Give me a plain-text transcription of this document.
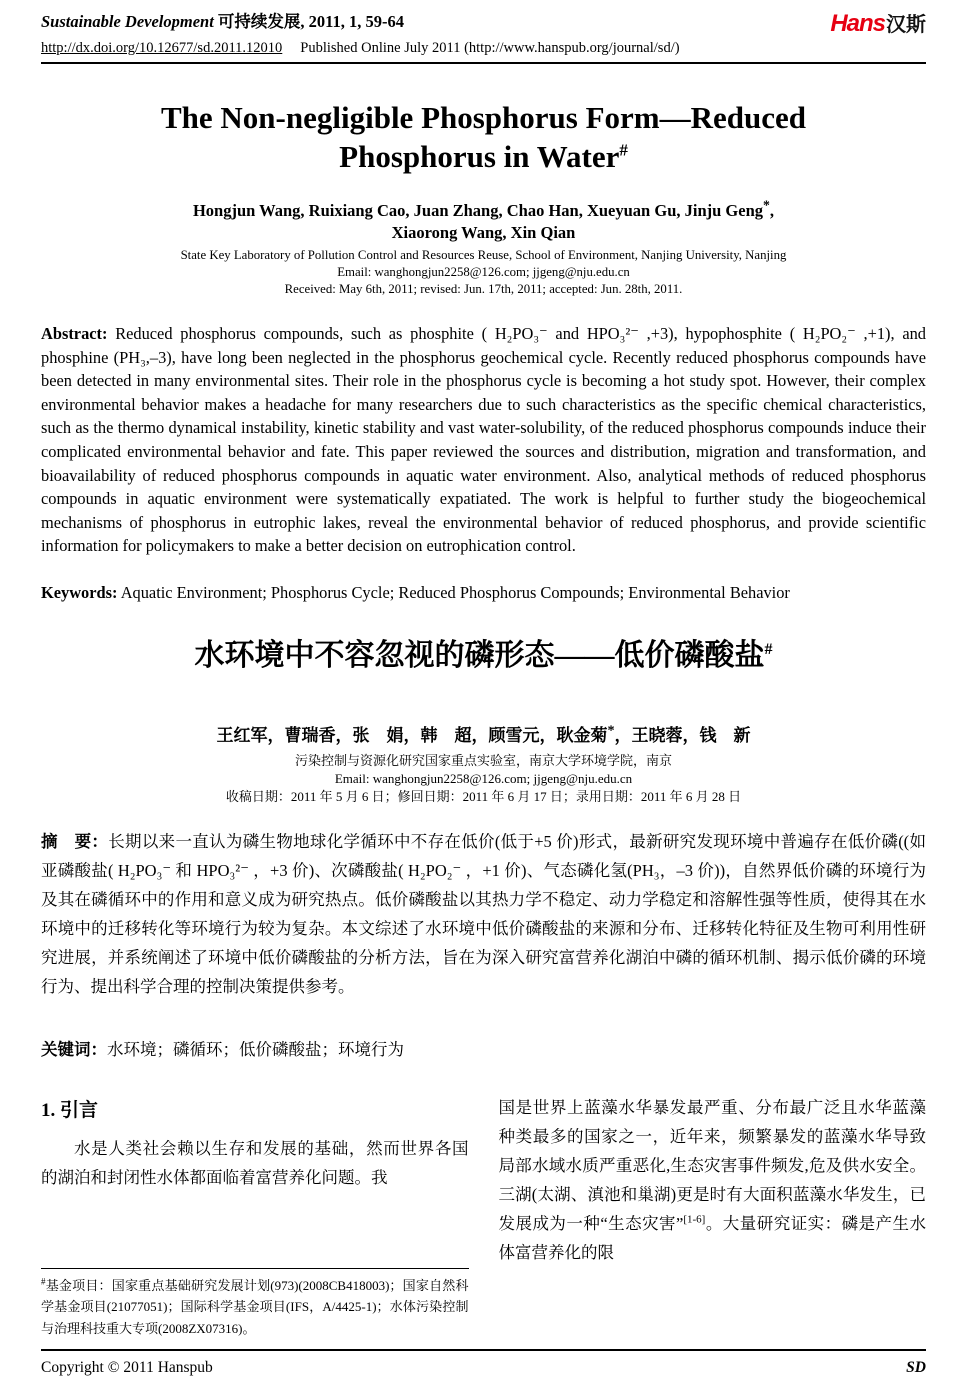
Sustainable Development 可持续发展, 2011, 1, 59-64	Hans汉斯
http://dx.doi.org/10.12677/sd.2011.12010 Published Online July 2011 (http://www.hanspub.org/journal/sd/)
The Non-negligible Phosphorus Form—Reduced
Phosphorus in Water#
Hongjun Wang, Ruixiang Cao, Juan Zhang, Chao Han, Xueyuan Gu, Jinju Geng*,
Xiaorong Wang, Xin Qian
State Key Laboratory of Pollution Control and Resources Reuse, School of Environment, Nanjing University, Nanjing
Email: wanghongjun2258@126.com; jjgeng@nju.edu.cn
Received: May 6th, 2011; revised: Jun. 17th, 2011; accepted: Jun. 28th, 2011.

Abstract: Reduced phosphorus compounds, such as phosphite ( H₂PO₃⁻ and HPO₃²⁻ ,+3), hypophosphite ( H₂PO₂⁻ ,+1), and phosphine (PH₃,–3), have long been neglected in the phosphorus geochemical cycle. Recently reduced phosphorus compounds have been detected in many environmental sites. Their role in the phosphorus cycle is becoming a hot study spot. However, their complex environmental behavior makes a headache for many researchers due to such characteristics as the specific chemical characteristics, such as the thermo dynamical instability, kinetic stability and vast water-solubility, of the reduced phosphorus compounds induce their complicated environmental behavior and fate. This paper reviewed the sources and distribution, migration and transformation, and bioavailability of reduced phosphorus compounds in aquatic water environment. Also, analytical methods of reduced phosphorus compounds in aquatic environment were systematically expatiated. The work is helpful to further study the biogeochemical mechanisms of phosphorus in eutrophic lakes, reveal the environmental behavior of reduced phosphorus, and provide scientific information for policymakers to make a better decision on eutrophication control.

Keywords: Aquatic Environment; Phosphorus Cycle; Reduced Phosphorus Compounds; Environmental Behavior

水环境中不容忽视的磷形态——低价磷酸盐#
王红军，曹瑞香，张　娟，韩　超，顾雪元，耿金菊*，王晓蓉，钱　新
污染控制与资源化研究国家重点实验室，南京大学环境学院，南京
Email: wanghongjun2258@126.com; jjgeng@nju.edu.cn
收稿日期：2011 年 5 月 6 日；修回日期：2011 年 6 月 17 日；录用日期：2011 年 6 月 28 日

摘　要：长期以来一直认为磷生物地球化学循环中不存在低价(低于+5 价)形式，最新研究发现环境中普遍存在低价磷((如亚磷酸盐( H₂PO₃⁻ 和 HPO₃²⁻ ，+3 价)、次磷酸盐( H₂PO₂⁻ ，+1 价)、气态磷化氢(PH₃，–3 价))，自然界低价磷的环境行为及其在磷循环中的作用和意义成为研究热点。低价磷酸盐以其热力学不稳定、动力学稳定和溶解性强等性质，使得其在水环境中的迁移转化等环境行为较为复杂。本文综述了水环境中低价磷酸盐的来源和分布、迁移转化特征及生物可利用性研究进展，并系统阐述了环境中低价磷酸盐的分析方法，旨在为深入研究富营养化湖泊中磷的循环机制、揭示低价磷的环境行为、提出科学合理的控制决策提供参考。

关键词：水环境；磷循环；低价磷酸盐；环境行为

1. 引言

水是人类社会赖以生存和发展的基础，然而世界各国的湖泊和封闭性水体都面临着富营养化问题。我

#基金项目：国家重点基础研究发展计划(973)(2008CB418003)；国家自然科学基金项目(21077051)；国际科学基金项目(IFS，A/4425-1)；水体污染控制与治理科技重大专项(2008ZX07316)。

国是世界上蓝藻水华暴发最严重、分布最广泛且水华蓝藻种类最多的国家之一，近年来，频繁暴发的蓝藻水华导致局部水域水质严重恶化,生态灾害事件频发,危及供水安全。三湖(太湖、滇池和巢湖)更是时有大面积蓝藻水华发生，已发展成为一种“生态灾害”[1-6]。大量研究证实：磷是产生水体富营养化的限

Copyright © 2011 Hanspub	SD
